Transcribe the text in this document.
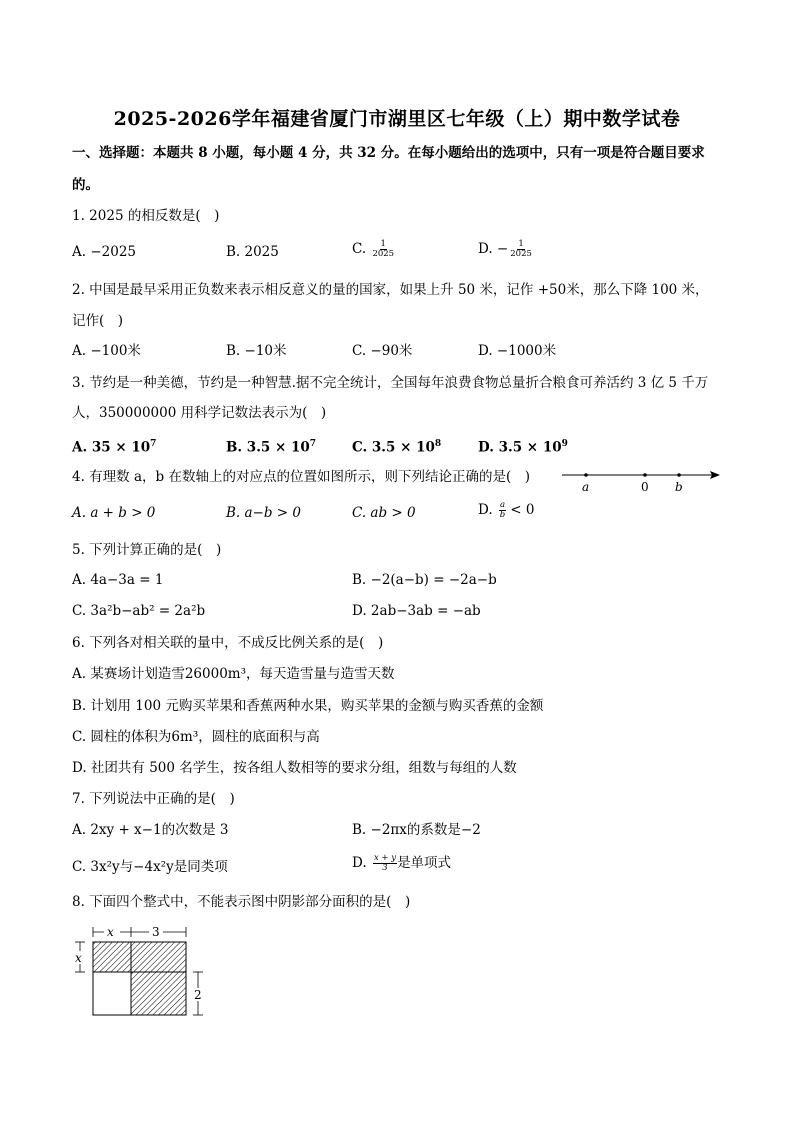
2025-2026学年福建省厦门市湖里区七年级（上）期中数学试卷
一、选择题：本题共 8 小题，每小题 4 分，共 32 分。在每小题给出的选项中，只有一项是符合题目要求
的。
1. 2025 的相反数是(　)
A. −2025	B. 2025	C. $\frac{1}{2025}$	D. − $\frac{1}{2025}$
2. 中国是最早采用正负数来表示相反意义的量的国家，如果上升 50 米，记作 +50米，那么下降 100 米，
记作(　)
A. −100米	B. −10米	C. −90米	D. −1000米
3. 节约是一种美德，节约是一种智慧.据不完全统计，全国每年浪费食物总量折合粮食可养活约 3 亿 5 千万
人，350000000 用科学记数法表示为(　)
A. $35 \times 10^7$	B. $3.5 \times 10^7$	C. $3.5 \times 10^8$	D. $3.5 \times 10^9$
4. 有理数 a，b 在数轴上的对应点的位置如图所示，则下列结论正确的是(　)
a	0 b
A. a + b > 0	B. a−b > 0	C. ab > 0	D. $\frac{a}{b} < 0$
5. 下列计算正确的是(　)
A. 4a−3a = 1	B. −2(a−b) = −2a−b
C. 3a²b−ab² = 2a²b	D. 2ab−3ab = −ab
6. 下列各对相关联的量中，不成反比例关系的是(　)
A. 某赛场计划造雪26000m³，每天造雪量与造雪天数
B. 计划用 100 元购买苹果和香蕉两种水果，购买苹果的金额与购买香蕉的金额
C. 圆柱的体积为6m³，圆柱的底面积与高
D. 社团共有 500 名学生，按各组人数相等的要求分组，组数与每组的人数
7. 下列说法中正确的是(　)
A. 2xy + x−1的次数是 3	B. −2πx的系数是−2
C. 3x²y与−4x²y是同类项	D. $\frac{x + y}{3}$ 是单项式
8. 下面四个整式中，不能表示图中阴影部分面积的是(　)
x	3
x
2
